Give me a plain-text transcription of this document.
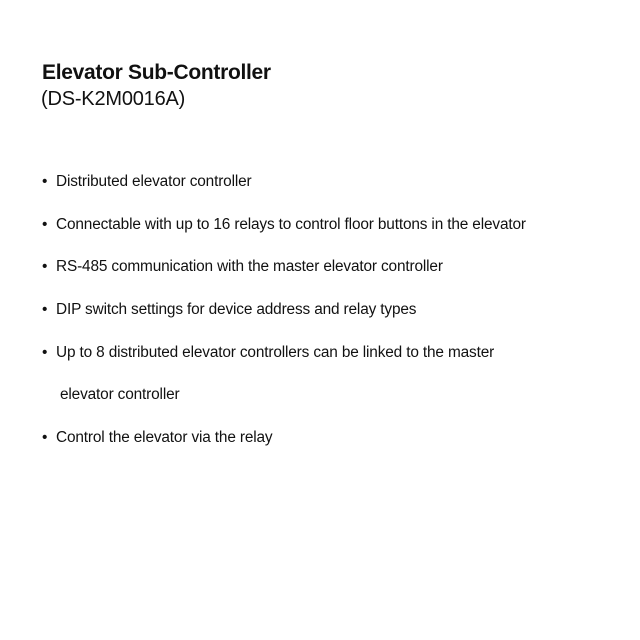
Elevator Sub-Controller
(DS-K2M0016A)
• Distributed elevator controller
• Connectable with up to 16 relays to control floor buttons in the elevator
• RS-485 communication with the master elevator controller
• DIP switch settings for device address and relay types
• Up to 8 distributed elevator controllers can be linked to the master
elevator controller
• Control the elevator via the relay
